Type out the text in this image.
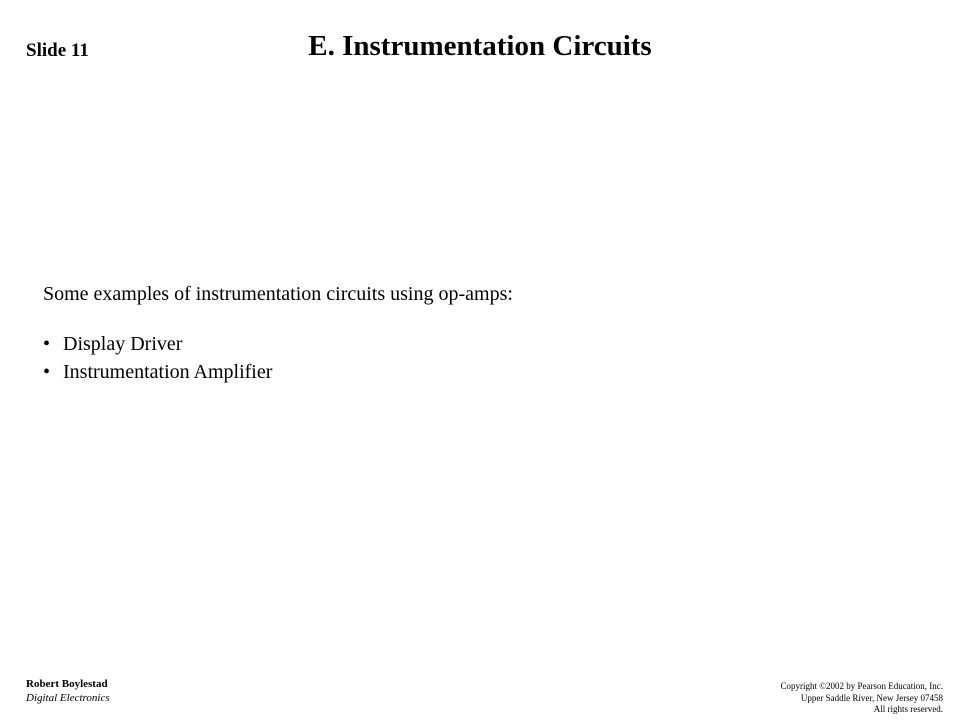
Slide 11	E. Instrumentation Circuits

Some examples of instrumentation circuits using op-amps:

• Display Driver
• Instrumentation Amplifier
Robert Boylestad
Digital Electronics
Copyright ©2002 by Pearson Education, Inc.
Upper Saddle River, New Jersey 07458
All rights reserved.
